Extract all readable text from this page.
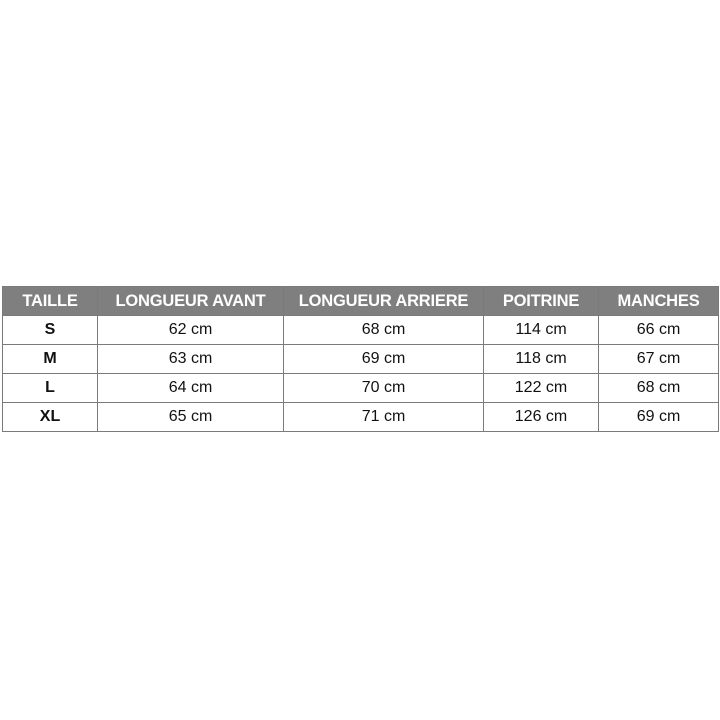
TAILLE	LONGUEUR AVANT	LONGUEUR ARRIERE	POITRINE	MANCHES
S	62 cm	68 cm	114 cm	66 cm
M	63 cm	69 cm	118 cm	67 cm
L	64 cm	70 cm	122 cm	68 cm
XL	65 cm	71 cm	126 cm	69 cm
